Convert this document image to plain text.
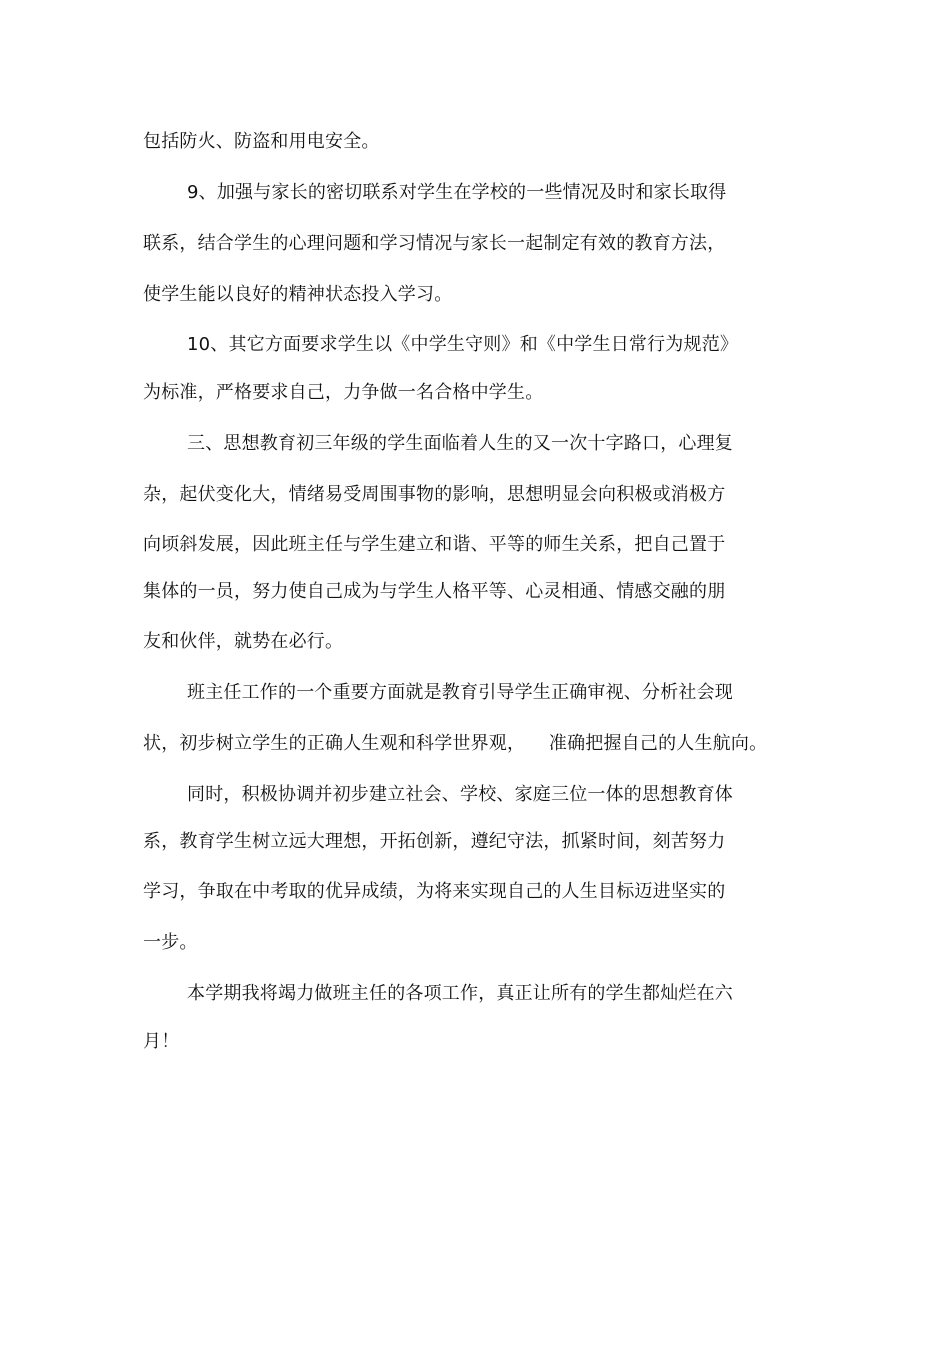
包括防火、防盗和用电安全。
9、加强与家长的密切联系对学生在学校的一些情况及时和家长取得
联系，结合学生的心理问题和学习情况与家长一起制定有效的教育方法，
使学生能以良好的精神状态投入学习。
10、其它方面要求学生以《中学生守则》和《中学生日常行为规范》
为标准，严格要求自己，力争做一名合格中学生。
三、思想教育初三年级的学生面临着人生的又一次十字路口，心理复
杂，起伏变化大，情绪易受周围事物的影响，思想明显会向积极或消极方
向顷斜发展，因此班主任与学生建立和谐、平等的师生关系，把自己置于
集体的一员，努力使自己成为与学生人格平等、心灵相通、情感交融的朋
友和伙伴，就势在必行。
班主任工作的一个重要方面就是教育引导学生正确审视、分析社会现
状，初步树立学生的正确人生观和科学世界观，    准确把握自己的人生航向。
同时，积极协调并初步建立社会、学校、家庭三位一体的思想教育体
系，教育学生树立远大理想，开拓创新，遵纪守法，抓紧时间，刻苦努力
学习，争取在中考取的优异成绩，为将来实现自己的人生目标迈进坚实的
一步。
本学期我将竭力做班主任的各项工作，真正让所有的学生都灿烂在六
月！
